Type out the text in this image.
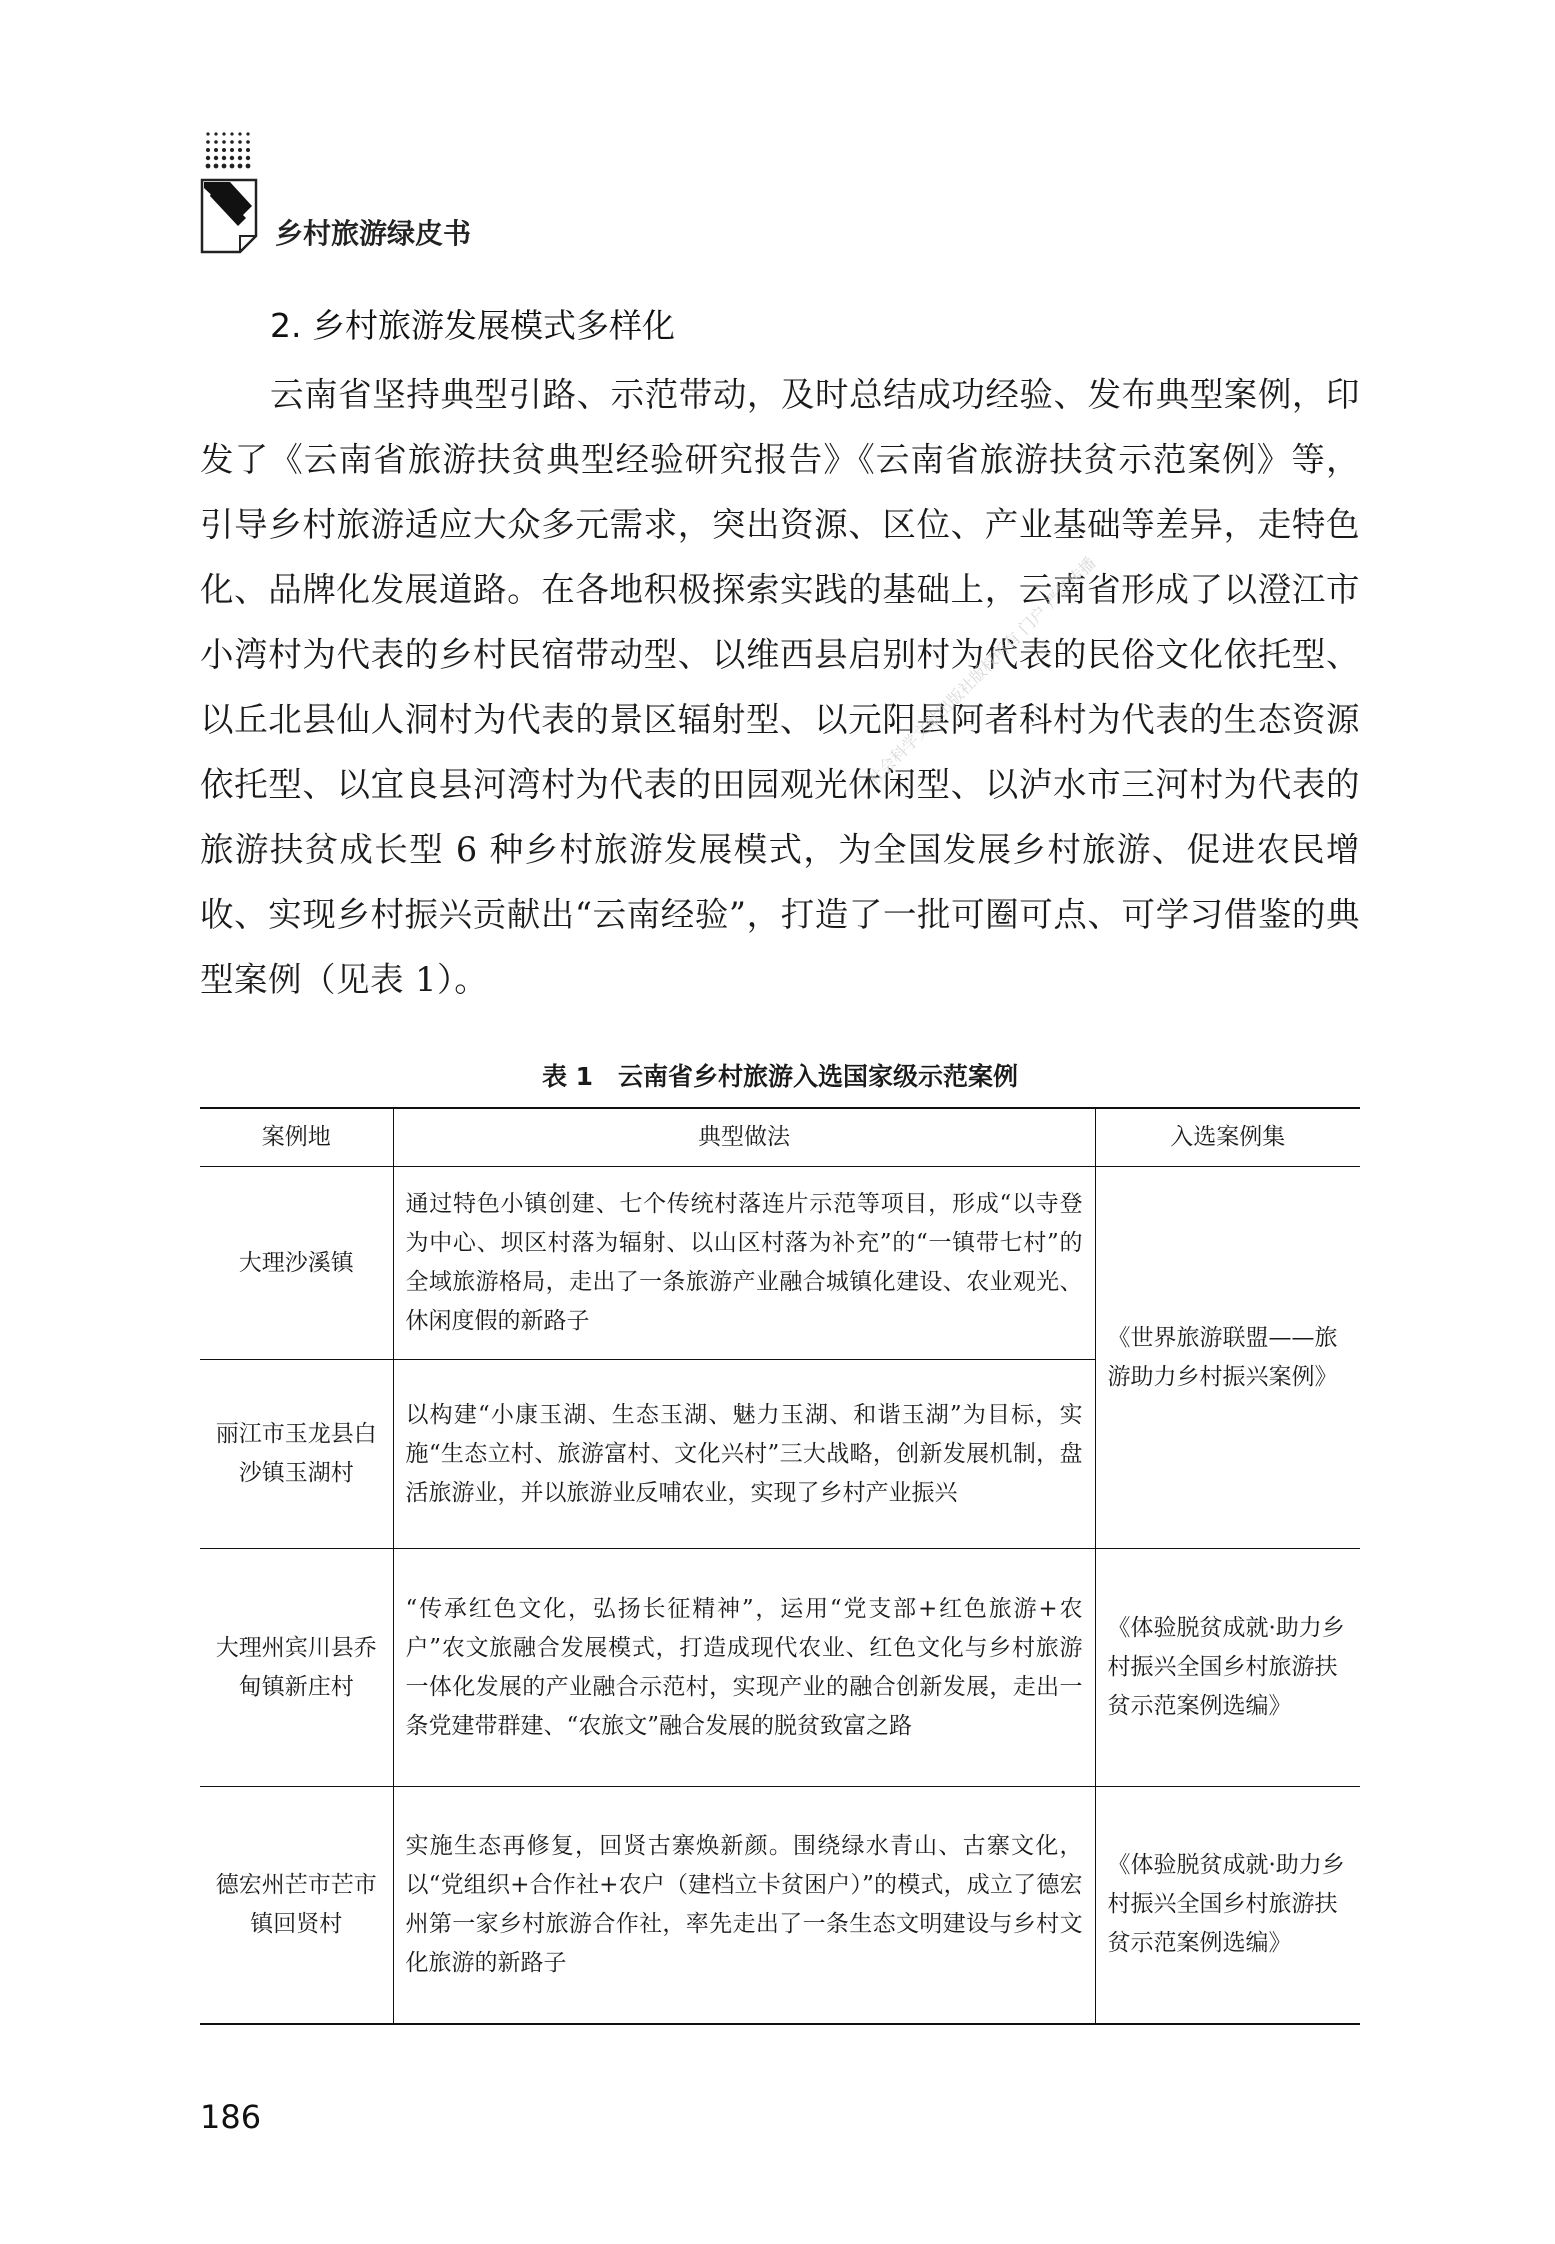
乡村旅游绿皮书
2. 乡村旅游发展模式多样化

云南省坚持典型引路、示范带动，及时总结成功经验、发布典型案例，印发了《云南省旅游扶贫典型经验研究报告》《云南省旅游扶贫示范案例》等，引导乡村旅游适应大众多元需求，突出资源、区位、产业基础等差异，走特色化、品牌化发展道路。在各地积极探索实践的基础上，云南省形成了以澄江市小湾村为代表的乡村民宿带动型、以维西县启别村为代表的民俗文化依托型、以丘北县仙人洞村为代表的景区辐射型、以元阳县阿者科村为代表的生态资源依托型、以宜良县河湾村为代表的田园观光休闲型、以泸水市三河村为代表的旅游扶贫成长型 6 种乡村旅游发展模式，为全国发展乡村旅游、促进农民增收、实现乡村振兴贡献出“云南经验”，打造了一批可圈可点、可学习借鉴的典型案例（见表 1）。

社会科学文献出版社版权所有 门户 严禁传播
表 1　云南省乡村旅游入选国家级示范案例
案例地	典型做法	入选案例集
大理沙溪镇	通过特色小镇创建、七个传统村落连片示范等项目，形成“以寺登为中心、坝区村落为辐射、以山区村落为补充”的“一镇带七村”的全域旅游格局，走出了一条旅游产业融合城镇化建设、农业观光、休闲度假的新路子	《世界旅游联盟——旅游助力乡村振兴案例》
丽江市玉龙县白沙镇玉湖村	以构建“小康玉湖、生态玉湖、魅力玉湖、和谐玉湖”为目标，实施“生态立村、旅游富村、文化兴村”三大战略，创新发展机制，盘活旅游业，并以旅游业反哺农业，实现了乡村产业振兴	
大理州宾川县乔甸镇新庄村	“传承红色文化，弘扬长征精神”，运用“党支部+红色旅游+农户”农文旅融合发展模式，打造成现代农业、红色文化与乡村旅游一体化发展的产业融合示范村，实现产业的融合创新发展，走出一条党建带群建、“农旅文”融合发展的脱贫致富之路	《体验脱贫成就·助力乡村振兴全国乡村旅游扶贫示范案例选编》
德宏州芒市芒市镇回贤村	实施生态再修复，回贤古寨焕新颜。围绕绿水青山、古寨文化，以“党组织+合作社+农户（建档立卡贫困户）”的模式，成立了德宏州第一家乡村旅游合作社，率先走出了一条生态文明建设与乡村文化旅游的新路子	《体验脱贫成就·助力乡村振兴全国乡村旅游扶贫示范案例选编》
186
